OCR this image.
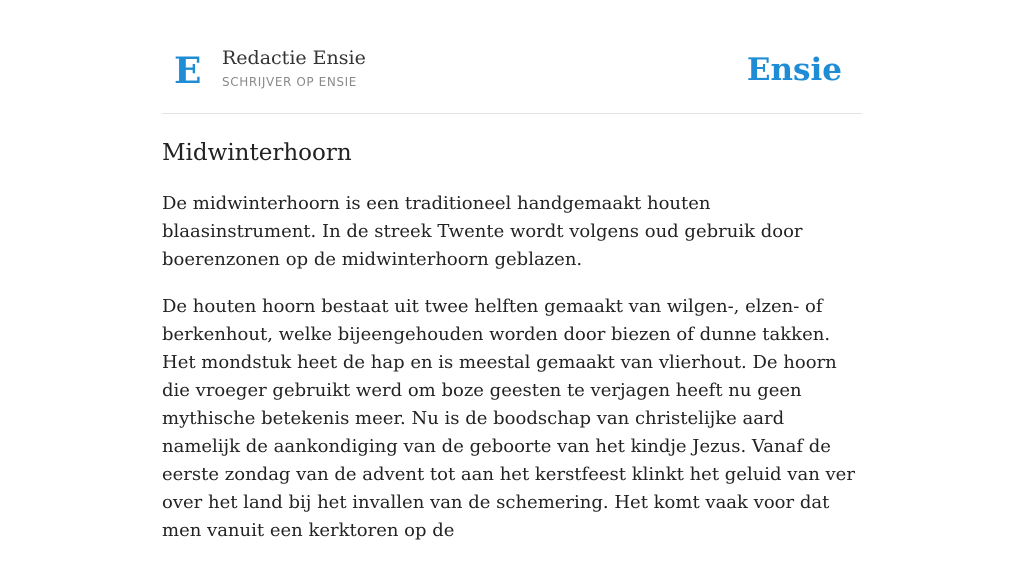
E Redactie Ensie
SCHRIJVER OP ENSIE	Ensie
Midwinterhoorn

De midwinterhoorn is een traditioneel handgemaakt houten blaasinstrument. In de streek Twente wordt volgens oud gebruik door boerenzonen op de midwinterhoorn geblazen.

De houten hoorn bestaat uit twee helften gemaakt van wilgen-, elzen- of berkenhout, welke bijeengehouden worden door biezen of dunne takken. Het mondstuk heet de hap en is meestal gemaakt van vlierhout. De hoorn die vroeger gebruikt werd om boze geesten te verjagen heeft nu geen mythische betekenis meer. Nu is de boodschap van christelijke aard namelijk de aankondiging van de geboorte van het kindje Jezus. Vanaf de eerste zondag van de advent tot aan het kerstfeest klinkt het geluid van ver over het land bij het invallen van de schemering. Het komt vaak voor dat men vanuit een kerktoren op de
